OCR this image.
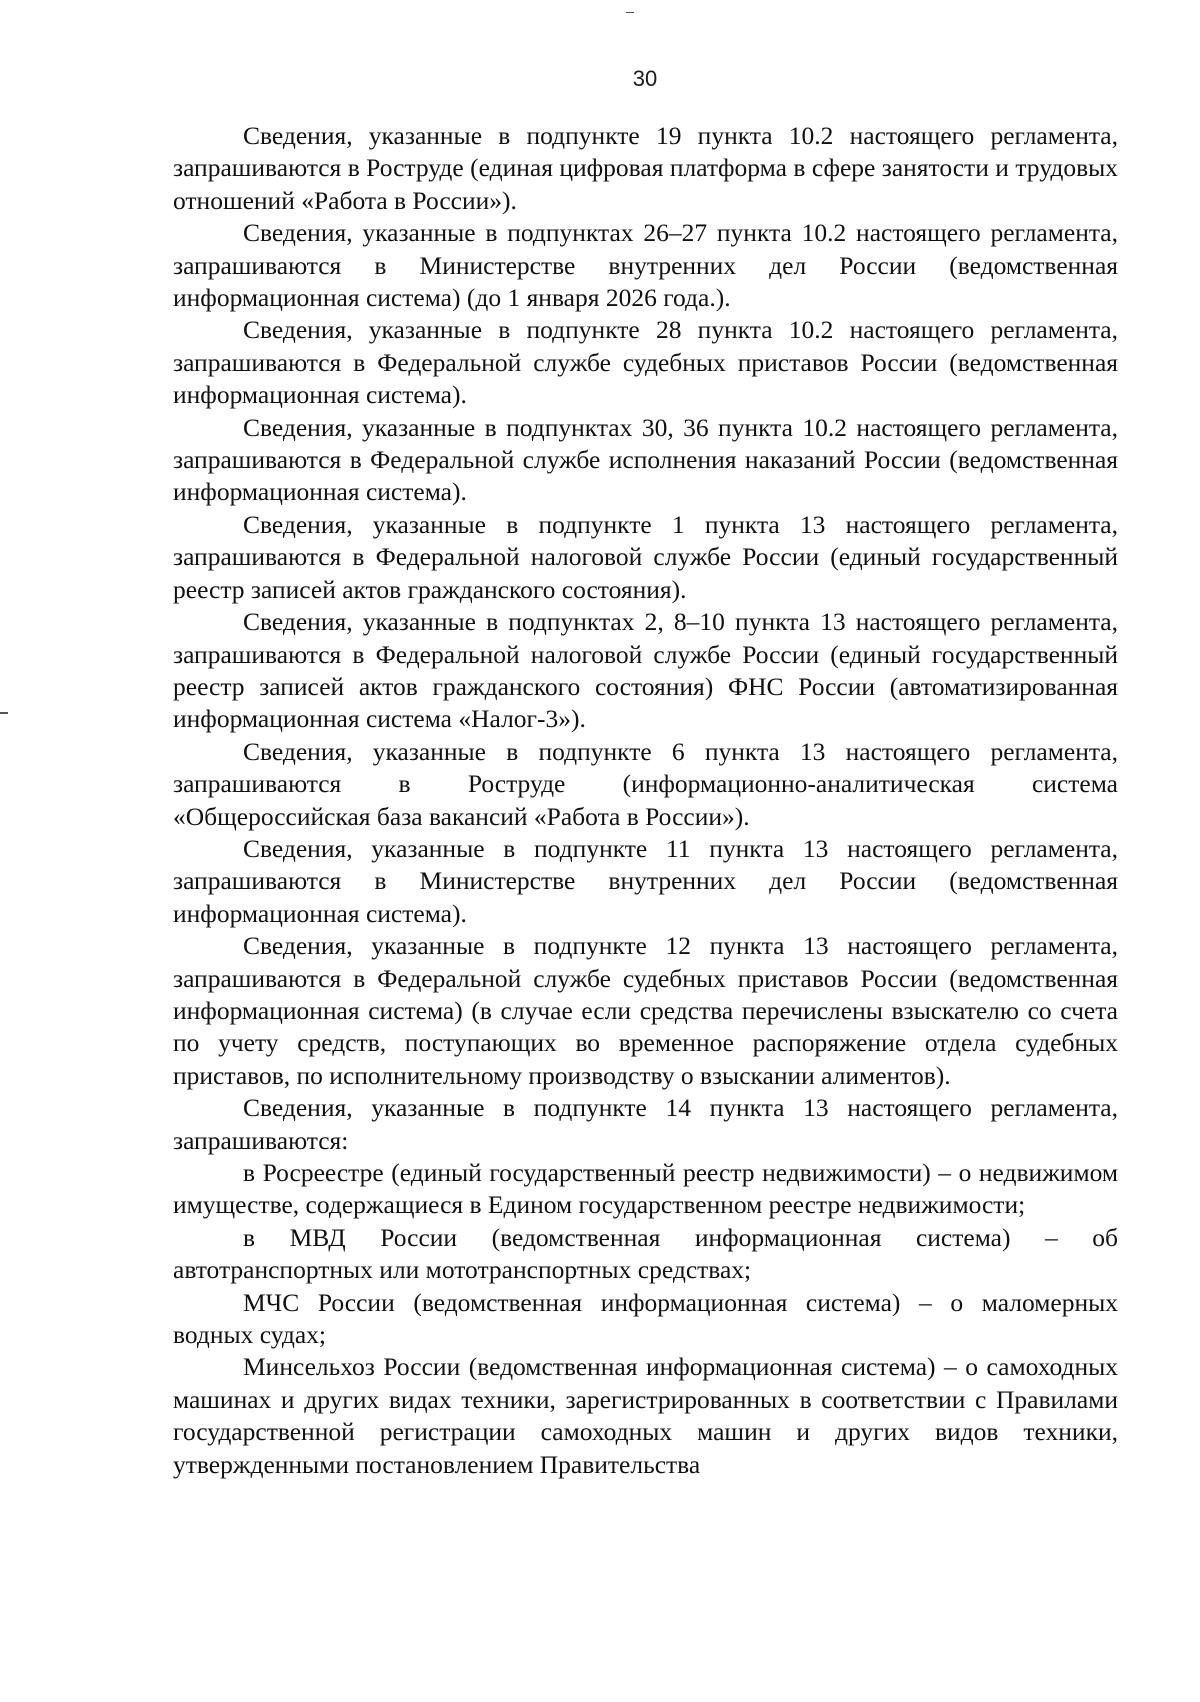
30

Сведения, указанные в подпункте 19 пункта 10.2 настоящего регламента, запрашиваются в Роструде (единая цифровая платформа в сфере занятости и трудовых отношений «Работа в России»).

Сведения, указанные в подпунктах 26–27 пункта 10.2 настоящего регламента, запрашиваются в Министерстве внутренних дел России (ведомственная информационная система) (до 1 января 2026 года.).

Сведения, указанные в подпункте 28 пункта 10.2 настоящего регламента, запрашиваются в Федеральной службе судебных приставов России (ведомственная информационная система).

Сведения, указанные в подпунктах 30, 36 пункта 10.2 настоящего регламента, запрашиваются в Федеральной службе исполнения наказаний России (ведомственная информационная система).

Сведения, указанные в подпункте 1 пункта 13 настоящего регламента, запрашиваются в Федеральной налоговой службе России (единый государственный реестр записей актов гражданского состояния).

Сведения, указанные в подпунктах 2, 8–10 пункта 13 настоящего регламента, запрашиваются в Федеральной налоговой службе России (единый государственный реестр записей актов гражданского состояния) ФНС России (автоматизированная информационная система «Налог-3»).

Сведения, указанные в подпункте 6 пункта 13 настоящего регламента, запрашиваются в Роструде (информационно-аналитическая система «Общероссийская база вакансий «Работа в России»).

Сведения, указанные в подпункте 11 пункта 13 настоящего регламента, запрашиваются в Министерстве внутренних дел России (ведомственная информационная система).

Сведения, указанные в подпункте 12 пункта 13 настоящего регламента, запрашиваются в Федеральной службе судебных приставов России (ведомственная информационная система) (в случае если средства перечислены взыскателю со счета по учету средств, поступающих во временное распоряжение отдела судебных приставов, по исполнительному производству о взыскании алиментов).

Сведения, указанные в подпункте 14 пункта 13 настоящего регламента, запрашиваются:

в Росреестре (единый государственный реестр недвижимости) – о недвижимом имуществе, содержащиеся в Едином государственном реестре недвижимости;

в МВД России (ведомственная информационная система) – об автотранспортных или мототранспортных средствах;

МЧС России (ведомственная информационная система) – о маломерных водных судах;

Минсельхоз России (ведомственная информационная система) – о самоходных машинах и других видах техники, зарегистрированных в соответствии с Правилами государственной регистрации самоходных машин и других видов техники, утвержденными постановлением Правительства
